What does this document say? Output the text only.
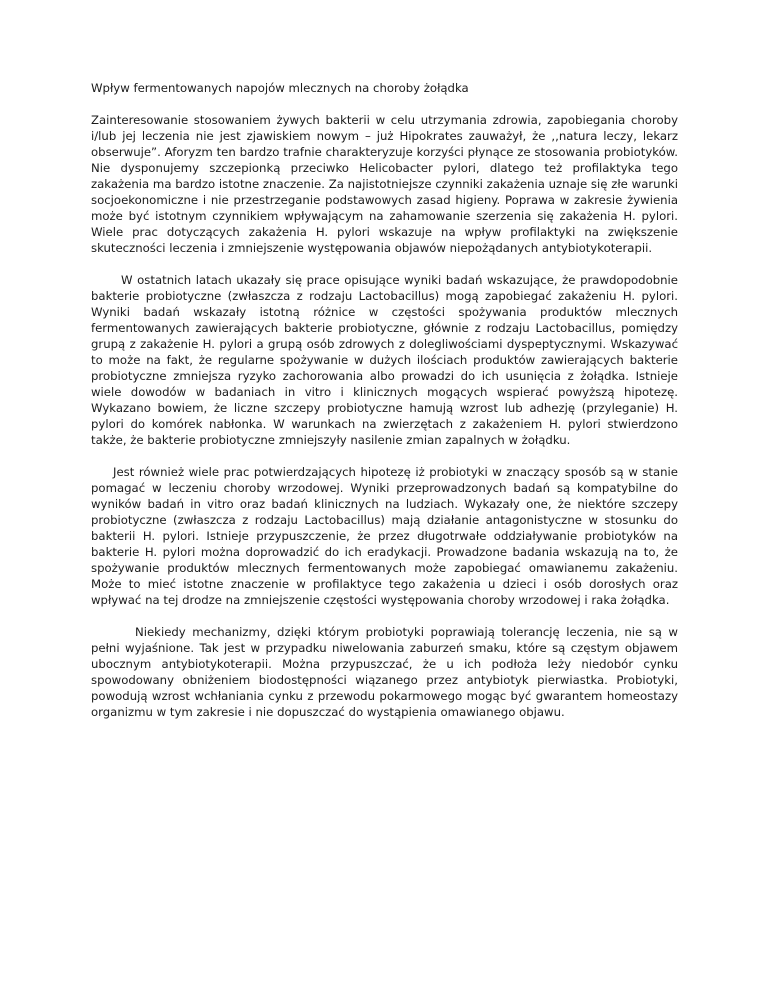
Wpływ fermentowanych napojów mlecznych na choroby żołądka

Zainteresowanie stosowaniem żywych bakterii w celu utrzymania zdrowia, zapobiegania choroby i/lub jej leczenia nie jest zjawiskiem nowym – już Hipokrates zauważył, że ,,natura leczy, lekarz obserwuje”. Aforyzm ten bardzo trafnie charakteryzuje korzyści płynące ze stosowania probiotyków. Nie dysponujemy szczepionką przeciwko Helicobacter pylori, dlatego też profilaktyka tego zakażenia ma bardzo istotne znaczenie. Za najistotniejsze czynniki zakażenia uznaje się złe warunki socjoekonomiczne i nie przestrzeganie podstawowych zasad higieny. Poprawa w zakresie żywienia może być istotnym czynnikiem wpływającym na zahamowanie szerzenia się zakażenia H. pylori. Wiele prac dotyczących zakażenia H. pylori wskazuje na wpływ profilaktyki na zwiększenie skuteczności leczenia i zmniejszenie występowania objawów niepożądanych antybiotykoterapii.

W ostatnich latach ukazały się prace opisujące wyniki badań wskazujące, że prawdopodobnie bakterie probiotyczne (zwłaszcza z rodzaju Lactobacillus) mogą zapobiegać zakażeniu H. pylori. Wyniki badań wskazały istotną różnice w częstości spożywania produktów mlecznych fermentowanych zawierających bakterie probiotyczne, głównie z rodzaju Lactobacillus, pomiędzy grupą z zakażenie H. pylori a grupą osób zdrowych z dolegliwościami dyspeptycznymi. Wskazywać to może na fakt, że regularne spożywanie w dużych ilościach produktów zawierających bakterie probiotyczne zmniejsza ryzyko zachorowania albo prowadzi do ich usunięcia z żołądka. Istnieje wiele dowodów w badaniach in vitro i klinicznych mogących wspierać powyższą hipotezę. Wykazano bowiem, że liczne szczepy probiotyczne hamują wzrost lub adhezję (przyleganie) H. pylori do komórek nabłonka. W warunkach na zwierzętach z zakażeniem H. pylori stwierdzono także, że bakterie probiotyczne zmniejszyły nasilenie zmian zapalnych w żołądku.

Jest również wiele prac potwierdzających hipotezę iż probiotyki w znaczący sposób są w stanie pomagać w leczeniu choroby wrzodowej. Wyniki przeprowadzonych badań są kompatybilne do wyników badań in vitro oraz badań klinicznych na ludziach. Wykazały one, że niektóre szczepy probiotyczne (zwłaszcza z rodzaju Lactobacillus) mają działanie antagonistyczne w stosunku do bakterii H. pylori. Istnieje przypuszczenie, że przez długotrwałe oddziaływanie probiotyków na bakterie H. pylori można doprowadzić do ich eradykacji. Prowadzone badania wskazują na to, że spożywanie produktów mlecznych fermentowanych może zapobiegać omawianemu zakażeniu. Może to mieć istotne znaczenie w profilaktyce tego zakażenia u dzieci i osób dorosłych oraz wpływać na tej drodze na zmniejszenie częstości występowania choroby wrzodowej i raka żołądka.

Niekiedy mechanizmy, dzięki którym probiotyki poprawiają tolerancję leczenia, nie są w pełni wyjaśnione. Tak jest w przypadku niwelowania zaburzeń smaku, które są częstym objawem ubocznym antybiotykoterapii. Można przypuszczać, że u ich podłoża leży niedobór cynku spowodowany obniżeniem biodostępności wiązanego przez antybiotyk pierwiastka. Probiotyki, powodują wzrost wchłaniania cynku z przewodu pokarmowego mogąc być gwarantem homeostazy organizmu w tym zakresie i nie dopuszczać do wystąpienia omawianego objawu.
